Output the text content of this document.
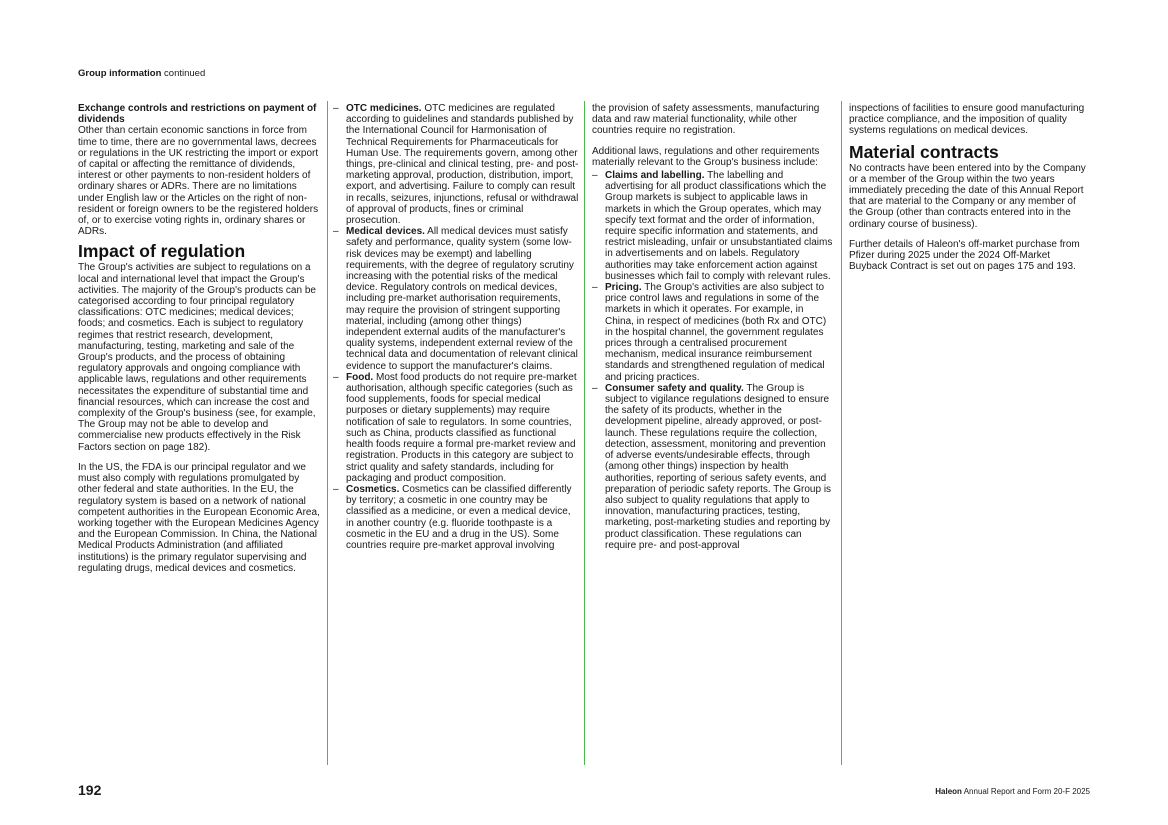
Group information continued

Exchange controls and restrictions on payment of dividends

Other than certain economic sanctions in force from time to time, there are no governmental laws, decrees or regulations in the UK restricting the import or export of capital or affecting the remittance of dividends, interest or other payments to non-resident holders of ordinary shares or ADRs. There are no limitations under English law or the Articles on the right of non-resident or foreign owners to be the registered holders of, or to exercise voting rights in, ordinary shares or ADRs.

Impact of regulation

The Group's activities are subject to regulations on a local and international level that impact the Group's activities. The majority of the Group's products can be categorised according to four principal regulatory classifications: OTC medicines; medical devices; foods; and cosmetics. Each is subject to regulatory regimes that restrict research, development, manufacturing, testing, marketing and sale of the Group's products, and the process of obtaining regulatory approvals and ongoing compliance with applicable laws, regulations and other requirements necessitates the expenditure of substantial time and financial resources, which can increase the cost and complexity of the Group's business (see, for example, The Group may not be able to develop and commercialise new products effectively in the Risk Factors section on page 182).

In the US, the FDA is our principal regulator and we must also comply with regulations promulgated by other federal and state authorities. In the EU, the regulatory system is based on a network of national competent authorities in the European Economic Area, working together with the European Medicines Agency and the European Commission. In China, the National Medical Products Administration (and affiliated institutions) is the primary regulator supervising and regulating drugs, medical devices and cosmetics.

– OTC medicines. OTC medicines are regulated according to guidelines and standards published by the International Council for Harmonisation of Technical Requirements for Pharmaceuticals for Human Use. The requirements govern, among other things, pre-clinical and clinical testing, pre- and post-marketing approval, production, distribution, import, export, and advertising. Failure to comply can result in recalls, seizures, injunctions, refusal or withdrawal of approval of products, fines or criminal prosecution.
– Medical devices. All medical devices must satisfy safety and performance, quality system (some low-risk devices may be exempt) and labelling requirements, with the degree of regulatory scrutiny increasing with the potential risks of the medical device. Regulatory controls on medical devices, including pre-market authorisation requirements, may require the provision of stringent supporting material, including (among other things) independent external audits of the manufacturer's quality systems, independent external review of the technical data and documentation of relevant clinical evidence to support the manufacturer's claims.
– Food. Most food products do not require pre-market authorisation, although specific categories (such as food supplements, foods for special medical purposes or dietary supplements) may require notification of sale to regulators. In some countries, such as China, products classified as functional health foods require a formal pre-market review and registration. Products in this category are subject to strict quality and safety standards, including for packaging and product composition.
– Cosmetics. Cosmetics can be classified differently by territory; a cosmetic in one country may be classified as a medicine, or even a medical device, in another country (e.g. fluoride toothpaste is a cosmetic in the EU and a drug in the US). Some countries require pre-market approval involving

the provision of safety assessments, manufacturing data and raw material functionality, while other countries require no registration.

Additional laws, regulations and other requirements materially relevant to the Group's business include:

– Claims and labelling. The labelling and advertising for all product classifications which the Group markets is subject to applicable laws in markets in which the Group operates, which may specify text format and the order of information, require specific information and statements, and restrict misleading, unfair or unsubstantiated claims in advertisements and on labels. Regulatory authorities may take enforcement action against businesses which fail to comply with relevant rules.
– Pricing. The Group's activities are also subject to price control laws and regulations in some of the markets in which it operates. For example, in China, in respect of medicines (both Rx and OTC) in the hospital channel, the government regulates prices through a centralised procurement mechanism, medical insurance reimbursement standards and strengthened regulation of medical and pricing practices.
– Consumer safety and quality. The Group is subject to vigilance regulations designed to ensure the safety of its products, whether in the development pipeline, already approved, or post-launch. These regulations require the collection, detection, assessment, monitoring and prevention of adverse events/undesirable effects, through (among other things) inspection by health authorities, reporting of serious safety events, and preparation of periodic safety reports. The Group is also subject to quality regulations that apply to innovation, manufacturing practices, testing, marketing, post-marketing studies and reporting by product classification. These regulations can require pre- and post-approval

inspections of facilities to ensure good manufacturing practice compliance, and the imposition of quality systems regulations on medical devices.

Material contracts

No contracts have been entered into by the Company or a member of the Group within the two years immediately preceding the date of this Annual Report that are material to the Company or any member of the Group (other than contracts entered into in the ordinary course of business).

Further details of Haleon's off-market purchase from Pfizer during 2025 under the 2024 Off-Market Buyback Contract is set out on pages 175 and 193.

192	Haleon Annual Report and Form 20-F 2025
